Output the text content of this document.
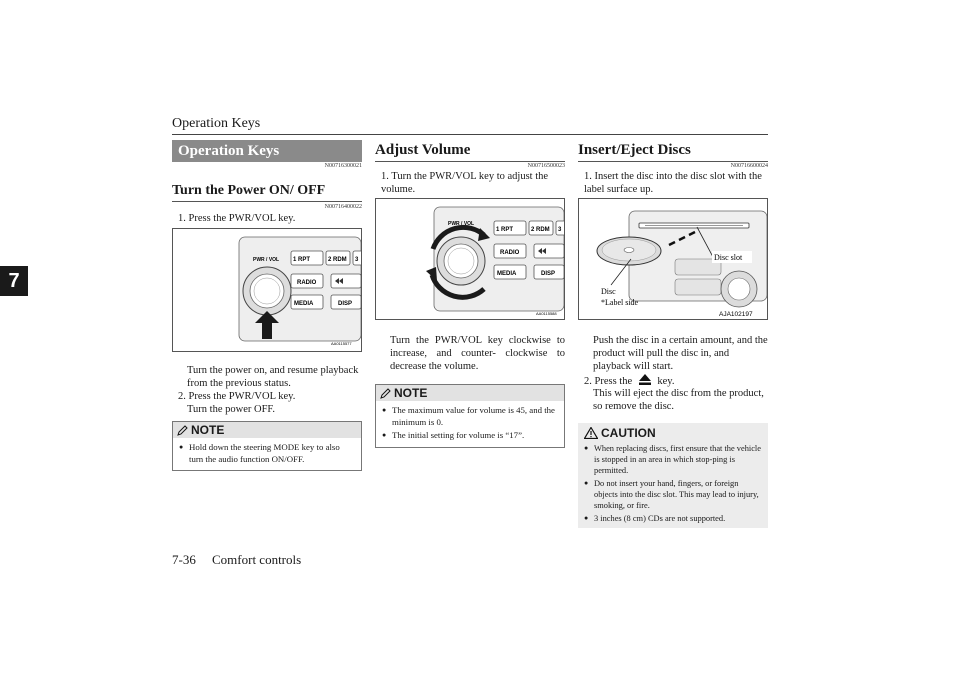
Operation Keys
7
Operation Keys
N00716300021
Turn the Power ON/ OFF
N00716400022
1. Press the PWR/VOL key.
1 RPT	2 RDM 3
RADIO
MEDIA	DISP
PWR / VOL
AA0115577
Turn the power on, and resume playback from the previous status.
2. Press the PWR/VOL key.
Turn the power OFF.
NOTE
● Hold down the steering MODE key to also turn the audio function ON/OFF.
Adjust Volume
N00716500023
1. Turn the PWR/VOL key to adjust the volume.
1 RPT	2 RDM 3
RADIO
MEDIA	DISP
PWR / VOL
AA0115588
Turn the PWR/VOL key clockwise to increase, and counter- clockwise to decrease the volume.
NOTE
● The maximum value for volume is 45, and the minimum is 0.
● The initial setting for volume is “17”.
Insert/Eject Discs
N00716600024
1. Insert the disc into the disc slot with the label surface up.
Disc slot
Disc
*Label side
AJA102197
Push the disc in a certain amount, and the product will pull the disc in, and playback will start.
2. Press the key.
This will eject the disc from the product, so remove the disc.
CAUTION
● When replacing discs, first ensure that the vehicle is stopped in an area in which stop-ping is permitted.
● Do not insert your hand, fingers, or foreign objects into the disc slot. This may lead to injury, smoking, or fire.
● 3 inches (8 cm) CDs are not supported.
7-36 Comfort controls
